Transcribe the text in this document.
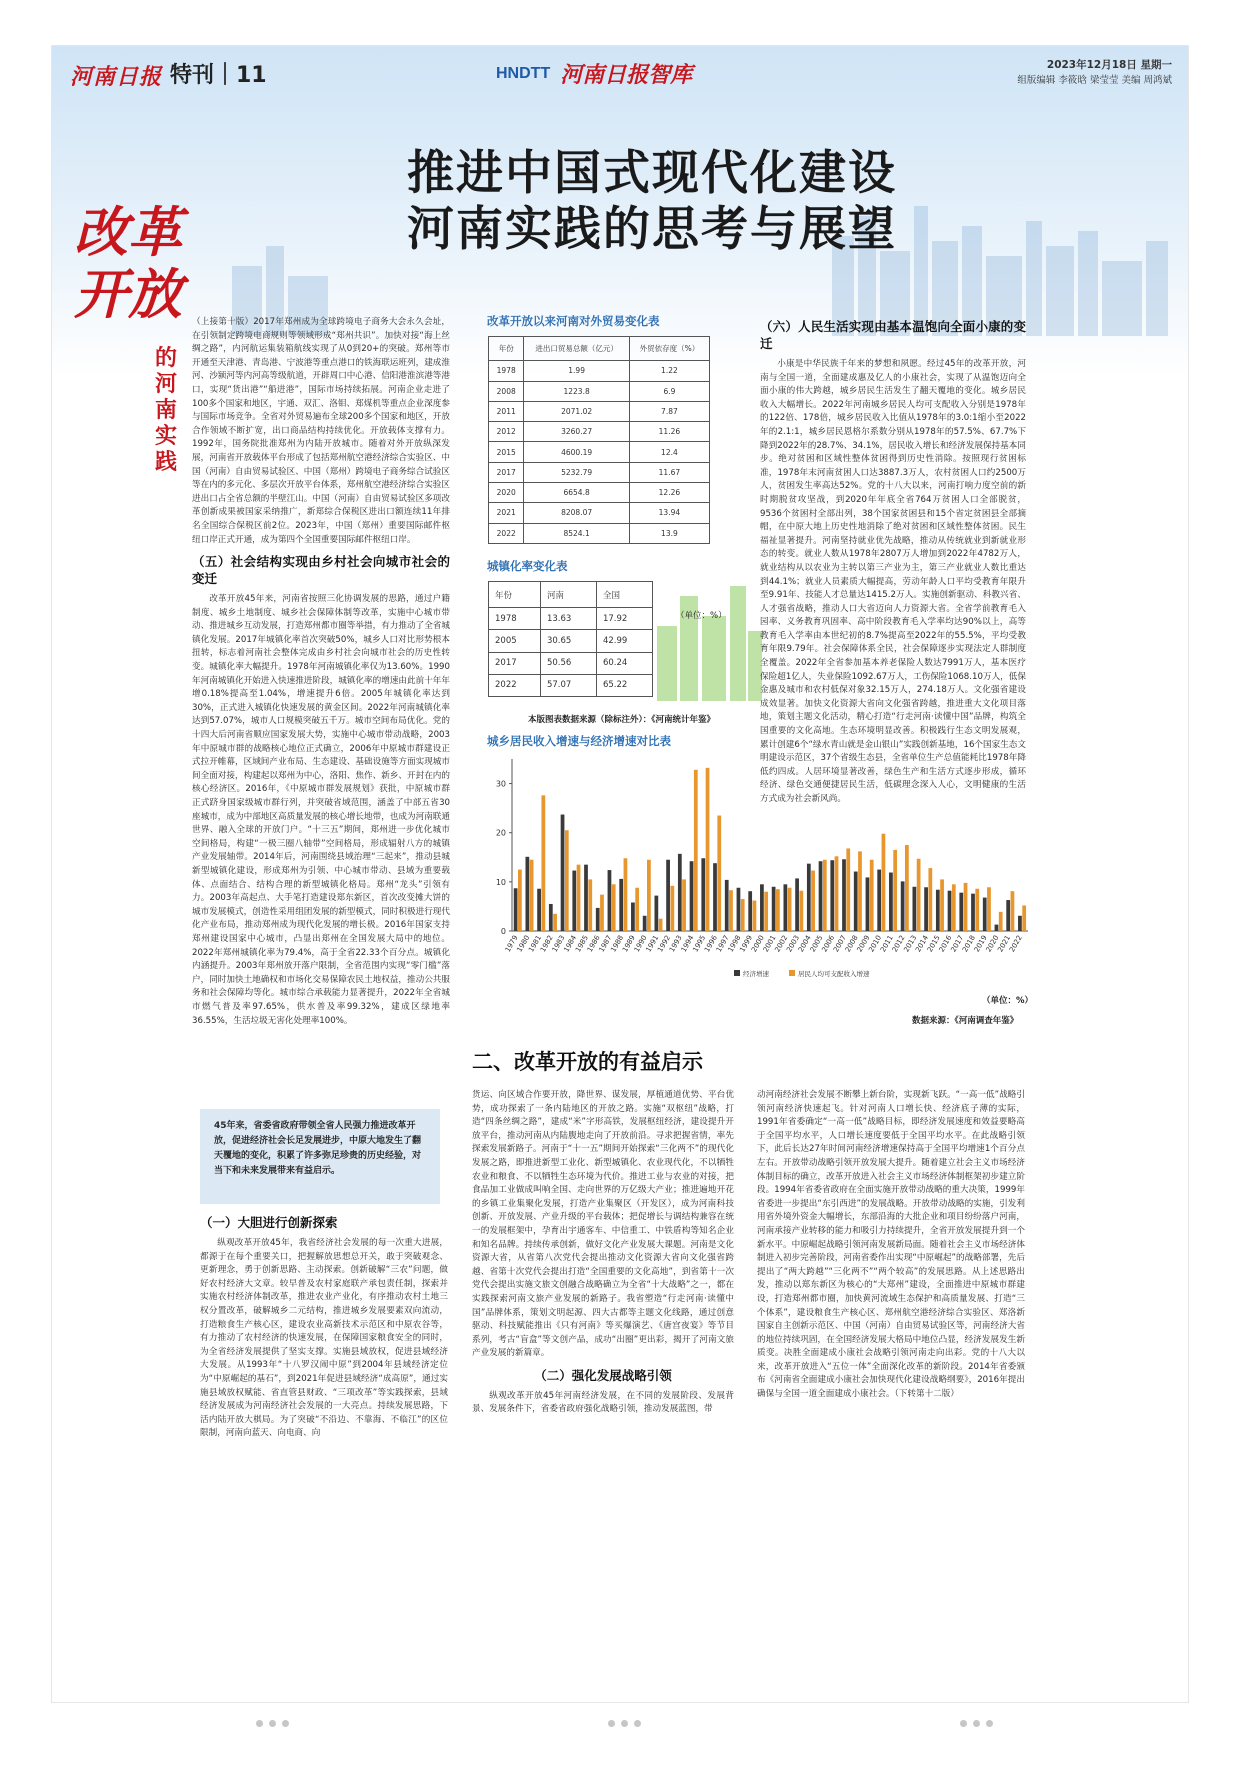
河南日报 特刊｜11	HNDTT 河南日报智库	2023年12月18日 星期一
组版编辑 李筱晗 梁莹莹 美编 周鸿斌
推进中国式现代化建设
河南实践的思考与展望
改革开放
的河南实践

（上接第十版）2017年郑州成为全球跨境电子商务大会永久会址，在引领制定跨境电商规则等领域形成“郑州共识”。加快对接“海上丝绸之路”，内河航运集装箱航线实现了从0到20+的突破。郑州等市开通至天津港、青岛港、宁波港等重点港口的铁海联运班列，建成淮河、沙颍河等内河高等级航道，开辟周口中心港、信阳港淮滨港等港口，实现“货出港”“船进港”，国际市场持续拓展。河南企业走进了100多个国家和地区，宇通、双汇、洛钼、郑煤机等重点企业深度参与国际市场竞争。全省对外贸易遍布全球200多个国家和地区，开放合作领域不断扩宽，出口商品结构持续优化。开放载体支撑有力。1992年，国务院批准郑州为内陆开放城市。随着对外开放纵深发展，河南省开放载体平台形成了包括郑州航空港经济综合实验区、中国（河南）自由贸易试验区、中国（郑州）跨境电子商务综合试验区等在内的多元化、多层次开放平台体系，郑州航空港经济综合实验区进出口占全省总额的半壁江山。中国（河南）自由贸易试验区多项改革创新成果被国家采纳推广，新郑综合保税区进出口额连续11年排名全国综合保税区前2位。2023年，中国（郑州）重要国际邮件枢纽口岸正式开通，成为第四个全国重要国际邮件枢纽口岸。

（五）社会结构实现由乡村社会向城市社会的变迁

改革开放45年来，河南省按照三化协调发展的思路，通过户籍制度、城乡土地制度、城乡社会保障体制等改革，实施中心城市带动、推进城乡互动发展，打造郑州都市圈等举措，有力推动了全省城镇化发展。2017年城镇化率首次突破50%，城乡人口对比形势根本扭转，标志着河南社会整体完成由乡村社会向城市社会的历史性转变。城镇化率大幅提升。1978年河南城镇化率仅为13.60%。1990年河南城镇化开始进入快速推进阶段，城镇化率的增速由此前十年年增0.18%提高至1.04%，增速提升6倍。2005年城镇化率达到30%，正式进入城镇化快速发展的黄金区间。2022年河南城镇化率达到57.07%，城市人口规模突破五千万。城市空间布局优化。党的十四大后河南省顺应国家发展大势，实施中心城市带动战略，2003年中原城市群的战略核心地位正式确立，2006年中原城市群建设正式拉开帷幕，区域间产业布局、生态建设、基础设施等方面实现城市间全面对接，构建起以郑州为中心，洛阳、焦作、新乡、开封在内的核心经济区。2016年，《中原城市群发展规划》获批，中原城市群正式跻身国家级城市群行列，并突破省域范围，涵盖了中部五省30座城市，成为中部地区高质量发展的核心增长地带，也成为河南联通世界、融入全球的开放门户。“十三五”期间，郑州进一步优化城市空间格局，构建“一极三圈八轴带”空间格局，形成辐射八方的城镇产业发展轴带。2014年后，河南围绕县域治理“三起来”，推动县城新型城镇化建设，形成郑州为引领、中心城市带动、县域为重要载体、点面结合、结构合理的新型城镇化格局。郑州“龙头”引领有力。2003年高起点、大手笔打造建设郑东新区，首次改变摊大饼的城市发展模式，创造性采用组团发展的新型模式，同时积极进行现代化产业布局，推动郑州成为现代化发展的增长极。2016年国家支持郑州建设国家中心城市，凸显出郑州在全国发展大局中的地位。2022年郑州城镇化率为79.4%，高于全省22.33个百分点。城镇化内涵提升。2003年郑州放开落户限制，全省范围内实现“零门槛”落户，同时加快土地确权和市场化交易保障农民土地权益，推动公共服务和社会保障均等化。城市综合承载能力显著提升，2022年全省城市燃气普及率97.65%，供水普及率99.32%，建成区绿地率36.55%，生活垃圾无害化处理率100%。

改革开放以来河南对外贸易变化表
年份	进出口贸易总额（亿元）	外贸依存度（%）
1978	1.99	1.22
2008	1223.8	6.9
2011	2071.02	7.87
2012	3260.27	11.26
2015	4600.19	12.4
2017	5232.79	11.67
2020	6654.8	12.26
2021	8208.07	13.94
2022	8524.1	13.9
城镇化率变化表
年份	河南	全国
1978	13.63	17.92
2005	30.65	42.99
2017	50.56	60.24
2022	57.07	65.22
（单位：%）
本版图表数据来源（除标注外）：《河南统计年鉴》
城乡居民收入增速与经济增速对比表
0
10
20
30
1979
1980
1981
1982
1983
1984
1985
1986
1987
1988
1989
1990
1991
1992
1993
1994
1995
1996
1997
1998
1999
2000
2001
2002
2003
2004
2005
2006
2007
2008
2009
2010
2011
2012
2013
2014
2015
2016
2017
2018
2019
2020
2021
2022
经济增速	居民人均可支配收入增速
（单位：%）
数据来源：《河南调查年鉴》
（六）人民生活实现由基本温饱向全面小康的变迁

小康是中华民族千年来的梦想和夙愿。经过45年的改革开放，河南与全国一道，全面建成惠及亿人的小康社会，实现了从温饱迈向全面小康的伟大跨越，城乡居民生活发生了翻天覆地的变化。城乡居民收入大幅增长。2022年河南城乡居民人均可支配收入分别是1978年的122倍、178倍，城乡居民收入比值从1978年的3.0:1缩小至2022年的2.1:1，城乡居民恩格尔系数分别从1978年的57.5%、67.7%下降到2022年的28.7%、34.1%，居民收入增长和经济发展保持基本同步。绝对贫困和区域性整体贫困得到历史性消除。按照现行贫困标准，1978年末河南贫困人口达3887.3万人，农村贫困人口约2500万人，贫困发生率高达52%。党的十八大以来，河南打响力度空前的新时期脱贫攻坚战，到2020年年底全省764万贫困人口全部脱贫，9536个贫困村全部出列，38个国家贫困县和15个省定贫困县全部摘帽，在中原大地上历史性地消除了绝对贫困和区域性整体贫困。民生福祉显著提升。河南坚持就业优先战略，推动从传统就业到新就业形态的转变。就业人数从1978年2807万人增加到2022年4782万人，就业结构从以农业为主转以第三产业为主，第三产业就业人数比重达到44.1%；就业人员素质大幅提高，劳动年龄人口平均受教育年限升至9.91年、技能人才总量达1415.2万人。实施创新驱动、科教兴省、人才强省战略，推动人口大省迈向人力资源大省。全省学前教育毛入园率、义务教育巩固率、高中阶段教育毛入学率均达90%以上，高等教育毛入学率由本世纪初的8.7%提高至2022年的55.5%，平均受教育年限9.79年。社会保障体系全民，社会保障逐步实现法定人群制度全覆盖。2022年全省参加基本养老保险人数达7991万人，基本医疗保险超1亿人，失业保险1092.67万人，工伤保险1068.10万人，低保金惠及城市和农村低保对象32.15万人，274.18万人。文化强省建设成效显著。加快文化资源大省向文化强省跨越，推进重大文化项目落地，策划主题文化活动，精心打造“行走河南·读懂中国”品牌，构筑全国重要的文化高地。生态环境明显改善。积极践行生态文明发展观，累计创建6个“绿水青山就是金山银山”实践创新基地，16个国家生态文明建设示范区，37个省级生态县，全省单位生产总值能耗比1978年降低约四成。人居环境显著改善，绿色生产和生活方式逐步形成，循环经济、绿色交通便捷居民生活，低碳理念深入人心，文明健康的生活方式成为社会新风尚。

二、改革开放的有益启示
45年来，省委省政府带领全省人民强力推进改革开放，促进经济社会长足发展进步，中原大地发生了翻天覆地的变化，积累了许多弥足珍贵的历史经验，对当下和未来发展带来有益启示。
（一）大胆进行创新探索

纵观改革开放45年，我省经济社会发展的每一次重大进展，都源于在每个重要关口，把握解放思想总开关，敢于突破观念、更新理念，勇于创新思路、主动探索。创新破解“三农”问题，做好农村经济大文章。较早普及农村家庭联产承包责任制，探索并实施农村经济体制改革，推进农业产业化，有序推动农村土地三权分置改革，破解城乡二元结构，推进城乡发展要素双向流动，打造粮食生产核心区，建设农业高新技术示范区和中原农谷等，有力推动了农村经济的快速发展，在保障国家粮食安全的同时，为全省经济发展提供了坚实支撑。实施县域放权，促进县域经济大发展。从1993年“十八罗汉闹中原”到2004年县域经济定位为“中原崛起的基石”，到2021年促进县域经济“成高原”，通过实施县域放权赋能、省直管县财政、“三项改革”等实践探索，县域经济发展成为河南经济社会发展的一大亮点。持续发展思路，下活内陆开放大棋局。为了突破“不沿边、不靠海、不临江”的区位限制，河南向蓝天、向电商、向

货运、向区域合作要开放，降世界、谋发展，厚植通道优势、平台优势，成功探索了一条内陆地区的开放之路。实施“双枢纽”战略，打造“四条丝绸之路”，建成“米”字形高铁，发展枢纽经济，建设提升开放平台，推动河南从内陆腹地走向了开放前沿。寻求把握省情，率先探索发展新路子。河南于“十一五”期间开始探索“三化两不”的现代化发展之路，即推进新型工业化、新型城镇化、农业现代化，不以牺牲农业和粮食、不以牺牲生态环境为代价。推进工业与农业的对接，把食品加工业做成叫响全国、走向世界的万亿级大产业；推进遍地开花的乡镇工业集聚化发展，打造产业集聚区（开发区），成为河南科技创新、开放发展、产业升级的平台载体；把促增长与调结构兼容在统一的发展框架中，孕育出宇通客车、中信重工、中铁盾构等知名企业和知名品牌。持续传承创新，做好文化产业发展大课题。河南是文化资源大省，从省第八次党代会提出推动文化资源大省向文化强省跨越、省第十次党代会提出打造“全国重要的文化高地”，到省第十一次党代会提出实施文旅文创融合战略确立为全省“十大战略”之一，都在实践探索河南文旅产业发展的新路子。我省塑造“行走河南·读懂中国”品牌体系，策划文明起源、四大古都等主题文化线路，通过创意驱动、科技赋能推出《只有河南》等买爆演艺、《唐宫夜宴》等节目系列，考古“盲盒”等文创产品，成功“出圈”更出彩，揭开了河南文旅产业发展的新篇章。

（二）强化发展战略引领

纵观改革开放45年河南经济发展，在不同的发展阶段、发展背景、发展条件下，省委省政府强化战略引领，推动发展蓝图，带

动河南经济社会发展不断攀上新台阶，实现新飞跃。“一高一低”战略引领河南经济快速起飞。针对河南人口增长快、经济底子薄的实际，1991年省委确定“一高一低”战略目标，即经济发展速度和效益要略高于全国平均水平，人口增长速度要低于全国平均水平。在此战略引领下，此后长达27年时间河南经济增速保持高于全国平均增速1个百分点左右。开放带动战略引领开放发展大提升。随着建立社会主义市场经济体制目标的确立，改革开放进入社会主义市场经济体制框架初步建立阶段。1994年省委省政府在全面实施开放带动战略的重大决策，1999年省委进一步提出“东引西进”的发展战略。开放带动战略的实施，引发利用省外境外资金大幅增长，东部沿海的大批企业和项目纷纷落户河南，河南承接产业转移的能力和吸引力持续提升，全省开放发展提升到一个新水平。中原崛起战略引领河南发展新局面。随着社会主义市场经济体制进入初步完善阶段，河南省委作出实现“中原崛起”的战略部署，先后提出了“两大跨越”“三化两不”“两个较高”的发展思路。从上述思路出发，推动以郑东新区为核心的“大郑州”建设，全面推进中原城市群建设，打造郑州都市圈，加快黄河流域生态保护和高质量发展、打造“三个体系”，建设粮食生产核心区、郑州航空港经济综合实验区、郑洛新国家自主创新示范区、中国（河南）自由贸易试验区等，河南经济大省的地位持续巩固，在全国经济发展大格局中地位凸显，经济发展发生新质变。决胜全面建成小康社会战略引领河南走向出彩。党的十八大以来，改革开放进入“五位一体”全面深化改革的新阶段。2014年省委颁布《河南省全面建成小康社会加快现代化建设战略纲要》，2016年提出确保与全国一道全面建成小康社会。（下转第十二版）
